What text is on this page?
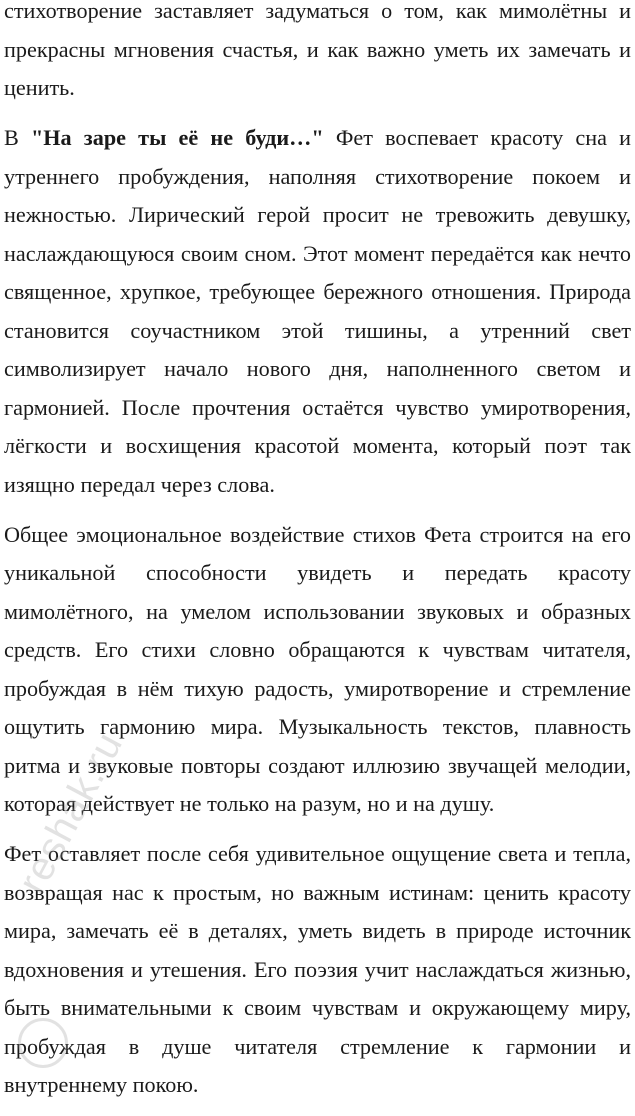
стихотворение заставляет задуматься о том, как мимолётны и прекрасны мгновения счастья, и как важно уметь их замечать и ценить.

В "На заре ты её не буди…" Фет воспевает красоту сна и утреннего пробуждения, наполняя стихотворение покоем и нежностью. Лирический герой просит не тревожить девушку, наслаждающуюся своим сном. Этот момент передаётся как нечто священное, хрупкое, требующее бережного отношения. Природа становится соучастником этой тишины, а утренний свет символизирует начало нового дня, наполненного светом и гармонией. После прочтения остаётся чувство умиротворения, лёгкости и восхищения красотой момента, который поэт так изящно передал через слова.

Общее эмоциональное воздействие стихов Фета строится на его уникальной способности увидеть и передать красоту мимолётного, на умелом использовании звуковых и образных средств. Его стихи словно обращаются к чувствам читателя, пробуждая в нём тихую радость, умиротворение и стремление ощутить гармонию мира. Музыкальность текстов, плавность ритма и звуковые повторы создают иллюзию звучащей мелодии, которая действует не только на разум, но и на душу.

Фет оставляет после себя удивительное ощущение света и тепла, возвращая нас к простым, но важным истинам: ценить красоту мира, замечать её в деталях, уметь видеть в природе источник вдохновения и утешения. Его поэзия учит наслаждаться жизнью, быть внимательными к своим чувствам и окружающему миру, пробуждая в душе читателя стремление к гармонии и внутреннему покою.

reshak.ru
